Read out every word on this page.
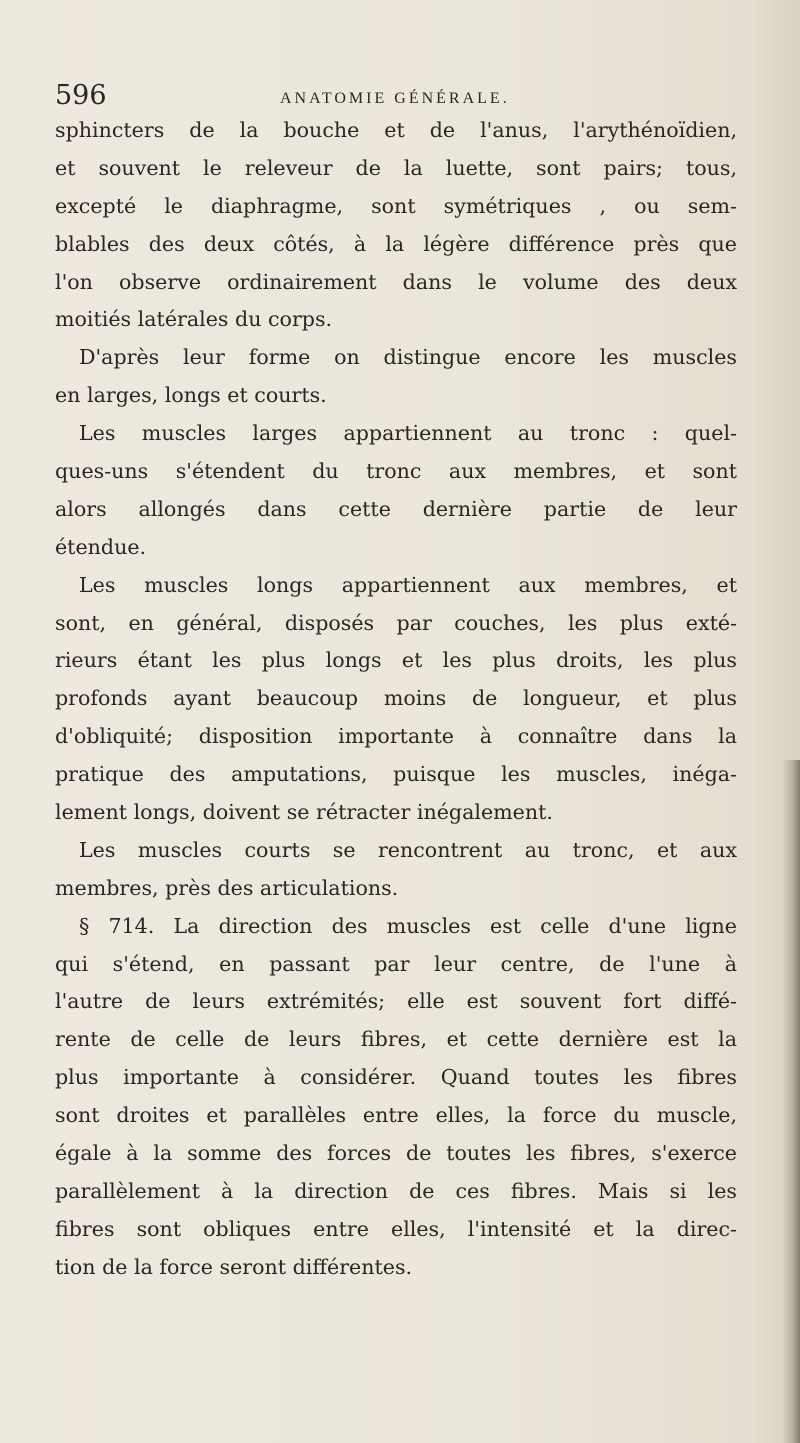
596	ANATOMIE GÉNÉRALE.
sphincters de la bouche et de l'anus, l'arythénoïdien,
et souvent le releveur de la luette, sont pairs; tous,
excepté le diaphragme, sont symétriques , ou sem-
blables des deux côtés, à la légère différence près que
l'on observe ordinairement dans le volume des deux
moitiés latérales du corps.
D'après leur forme on distingue encore les muscles
en larges, longs et courts.
Les muscles larges appartiennent au tronc : quel-
ques-uns s'étendent du tronc aux membres, et sont
alors allongés dans cette dernière partie de leur
étendue.
Les muscles longs appartiennent aux membres, et
sont, en général, disposés par couches, les plus exté-
rieurs étant les plus longs et les plus droits, les plus
profonds ayant beaucoup moins de longueur, et plus
d'obliquité; disposition importante à connaître dans la
pratique des amputations, puisque les muscles, inéga-
lement longs, doivent se rétracter inégalement.
Les muscles courts se rencontrent au tronc, et aux
membres, près des articulations.
§ 714. La direction des muscles est celle d'une ligne
qui s'étend, en passant par leur centre, de l'une à
l'autre de leurs extrémités; elle est souvent fort diffé-
rente de celle de leurs fibres, et cette dernière est la
plus importante à considérer. Quand toutes les fibres
sont droites et parallèles entre elles, la force du muscle,
égale à la somme des forces de toutes les fibres, s'exerce
parallèlement à la direction de ces fibres. Mais si les
fibres sont obliques entre elles, l'intensité et la direc-
tion de la force seront différentes.
